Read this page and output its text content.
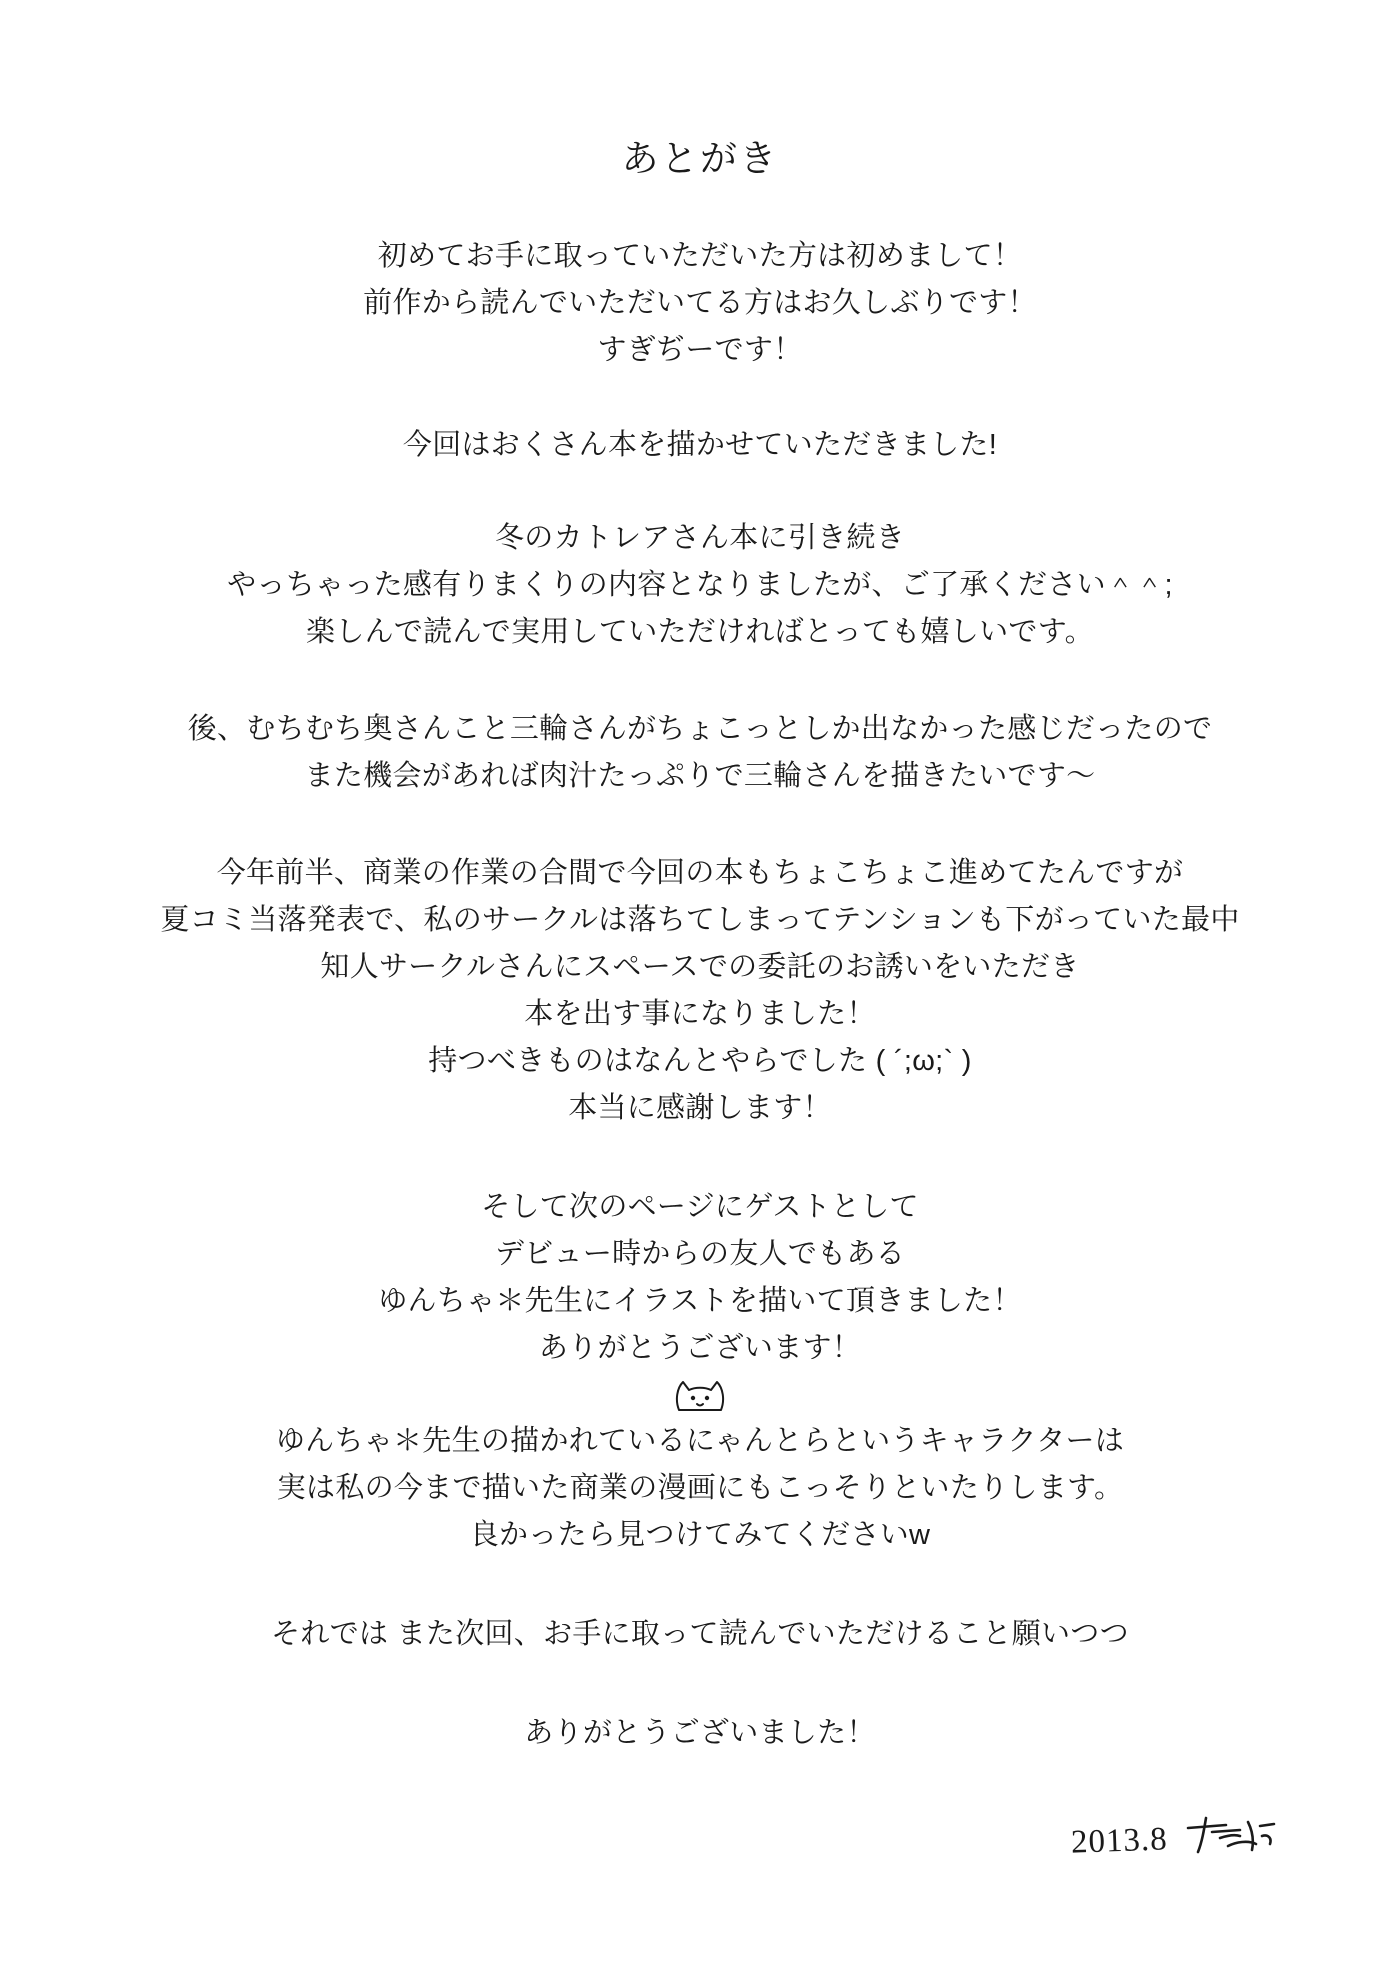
あとがき
初めてお手に取っていただいた方は初めまして！
前作から読んでいただいてる方はお久しぶりです！
すぎぢーです！
今回はおくさん本を描かせていただきました!
冬のカトレアさん本に引き続き
やっちゃった感有りまくりの内容となりましたが、ご了承ください＾＾;
楽しんで読んで実用していただければとっても嬉しいです。
後、むちむち奥さんこと三輪さんがちょこっとしか出なかった感じだったので
また機会があれば肉汁たっぷりで三輪さんを描きたいです〜
今年前半、商業の作業の合間で今回の本もちょこちょこ進めてたんですが
夏コミ当落発表で、私のサークルは落ちてしまってテンションも下がっていた最中
知人サークルさんにスペースでの委託のお誘いをいただき
本を出す事になりました！
持つべきものはなんとやらでした ( ´;ω;` )
本当に感謝します！
そして次のページにゲストとして
デビュー時からの友人でもある
ゆんちゃ＊先生にイラストを描いて頂きました！
ありがとうございます！
ゆんちゃ＊先生の描かれているにゃんとらというキャラクターは
実は私の今まで描いた商業の漫画にもこっそりといたりします。
良かったら見つけてみてくださいw
それでは また次回、お手に取って読んでいただけること願いつつ
ありがとうございました！
2013.8
